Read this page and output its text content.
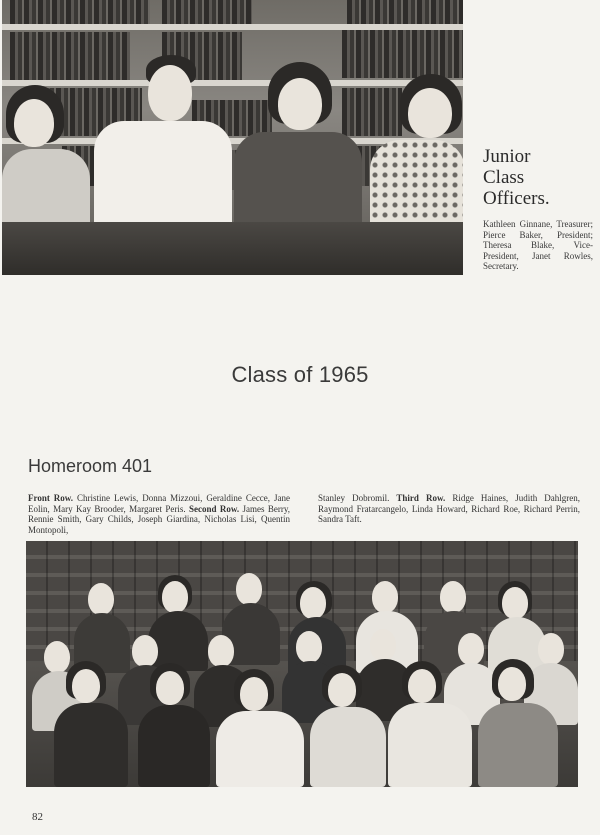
Junior
Class
Officers.

Kathleen Ginnane, Treasurer; Pierce Baker, President; Theresa Blake, Vice-President, Janet Rowles, Secretary.
Class of 1965
Homeroom 401
Front Row. Christine Lewis, Donna Mizzoui, Geraldine Cecce, Jane Eolin, Mary Kay Brooder, Margaret Peris. Second Row. James Berry, Rennie Smith, Gary Childs, Joseph Giardina, Nicholas Lisi, Quentin Montopoli,
Stanley Dobromil. Third Row. Ridge Haines, Judith Dahlgren, Raymond Fratarcangelo, Linda Howard, Richard Roe, Richard Perrin, Sandra Taft.
82
